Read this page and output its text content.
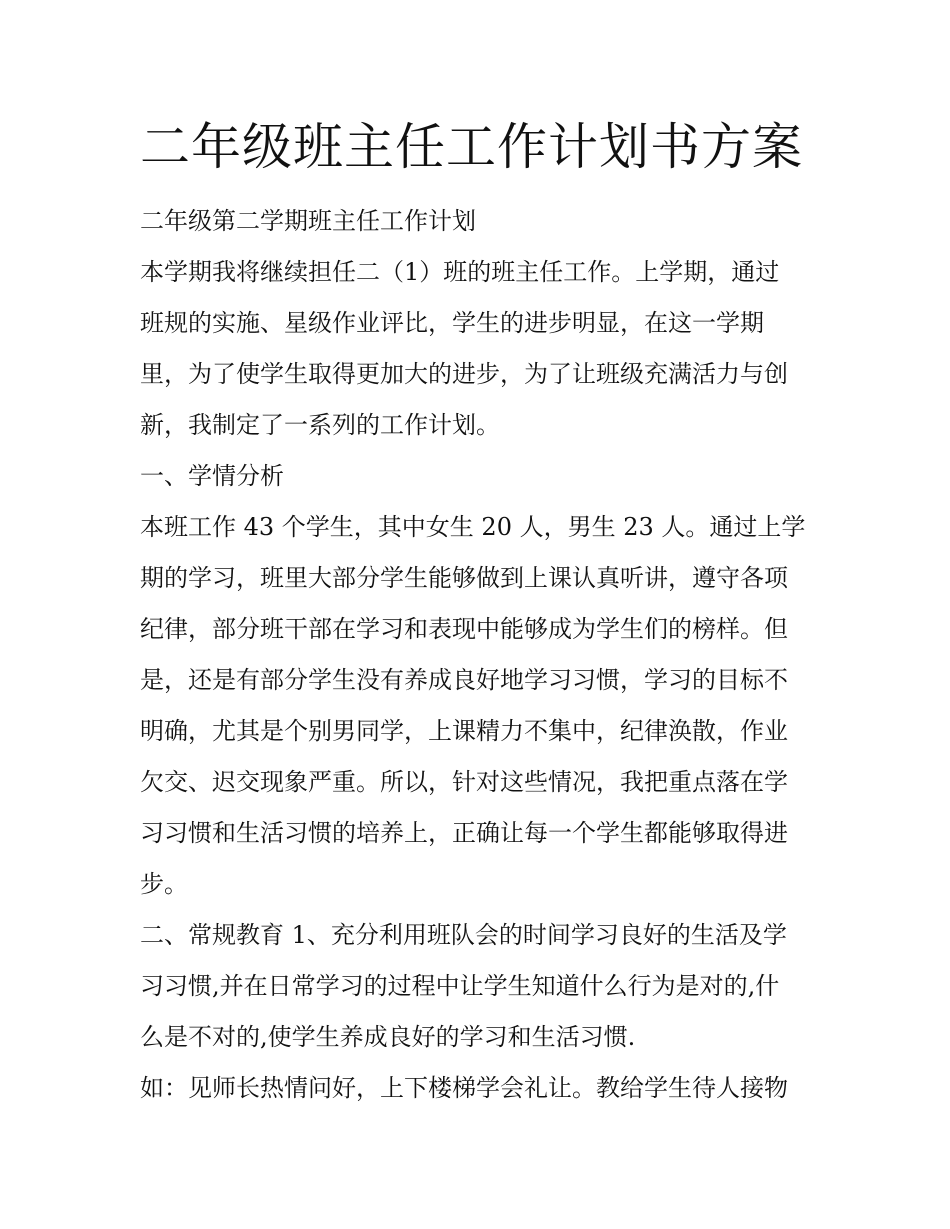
二年级班主任工作计划书方案

二年级第二学期班主任工作计划

本学期我将继续担任二（1）班的班主任工作。上学期，通过
班规的实施、星级作业评比，学生的进步明显，在这一学期
里，为了使学生取得更加大的进步，为了让班级充满活力与创
新，我制定了一系列的工作计划。

一、学情分析

本班工作 43 个学生，其中女生 20 人，男生 23 人。通过上学
期的学习，班里大部分学生能够做到上课认真听讲，遵守各项
纪律，部分班干部在学习和表现中能够成为学生们的榜样。但
是，还是有部分学生没有养成良好地学习习惯，学习的目标不
明确，尤其是个别男同学，上课精力不集中，纪律涣散，作业
欠交、迟交现象严重。所以，针对这些情况，我把重点落在学
习习惯和生活习惯的培养上，正确让每一个学生都能够取得进
步。

二、常规教育 1、充分利用班队会的时间学习良好的生活及学
习习惯,并在日常学习的过程中让学生知道什么行为是对的,什
么是不对的,使学生养成良好的学习和生活习惯.

如：见师长热情问好，上下楼梯学会礼让。教给学生待人接物
